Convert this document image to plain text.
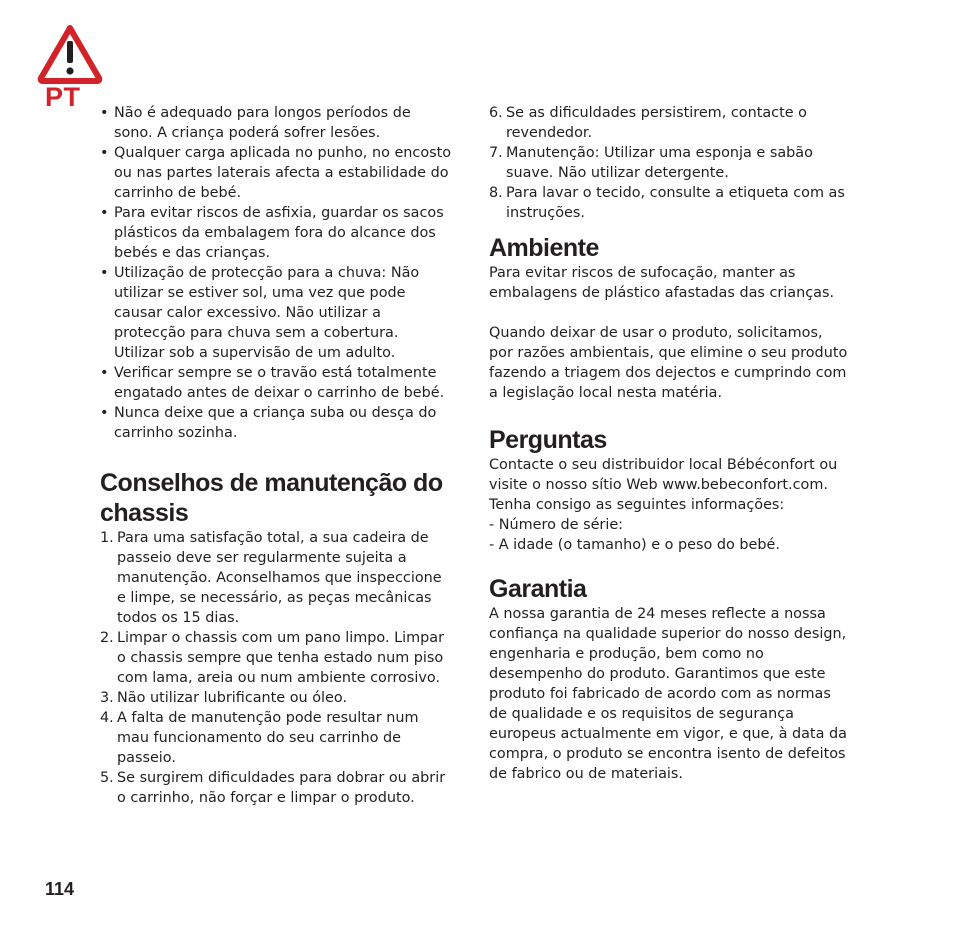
PT
• Não é adequado para longos períodos de sono. A criança poderá sofrer lesões.
• Qualquer carga aplicada no punho, no encosto ou nas partes laterais afecta a estabilidade do carrinho de bebé.
• Para evitar riscos de asfixia, guardar os sacos plásticos da embalagem fora do alcance dos bebés e das crianças.
• Utilização de protecção para a chuva: Não utilizar se estiver sol, uma vez que pode causar calor excessivo. Não utilizar a protecção para chuva sem a cobertura. Utilizar sob a supervisão de um adulto.
• Verificar sempre se o travão está totalmente engatado antes de deixar o carrinho de bebé.
• Nunca deixe que a criança suba ou desça do carrinho sozinha.
Conselhos de manutenção do chassis
1. Para uma satisfação total, a sua cadeira de passeio deve ser regularmente sujeita a manutenção. Aconselhamos que inspeccione e limpe, se necessário, as peças mecânicas todos os 15 dias.
2. Limpar o chassis com um pano limpo. Limpar o chassis sempre que tenha estado num piso com lama, areia ou num ambiente corrosivo.
3. Não utilizar lubrificante ou óleo.
4. A falta de manutenção pode resultar num mau funcionamento do seu carrinho de passeio.
5. Se surgirem dificuldades para dobrar ou abrir o carrinho, não forçar e limpar o produto.
6. Se as dificuldades persistirem, contacte o revendedor.
7. Manutenção: Utilizar uma esponja e sabão suave. Não utilizar detergente.
8. Para lavar o tecido, consulte a etiqueta com as instruções.
Ambiente

Para evitar riscos de sufocação, manter as embalagens de plástico afastadas das crianças.

Quando deixar de usar o produto, solicitamos, por razões ambientais, que elimine o seu produto fazendo a triagem dos dejectos e cumprindo com a legislação local nesta matéria.

Perguntas

Contacte o seu distribuidor local Bébéconfort ou visite o nosso sítio Web www.bebeconfort.com. Tenha consigo as seguintes informações:

- Número de série:

- A idade (o tamanho) e o peso do bebé.

Garantia

A nossa garantia de 24 meses reflecte a nossa confiança na qualidade superior do nosso design, engenharia e produção, bem como no desempenho do produto. Garantimos que este produto foi fabricado de acordo com as normas de qualidade e os requisitos de segurança europeus actualmente em vigor, e que, à data da compra, o produto se encontra isento de defeitos de fabrico ou de materiais.

114
